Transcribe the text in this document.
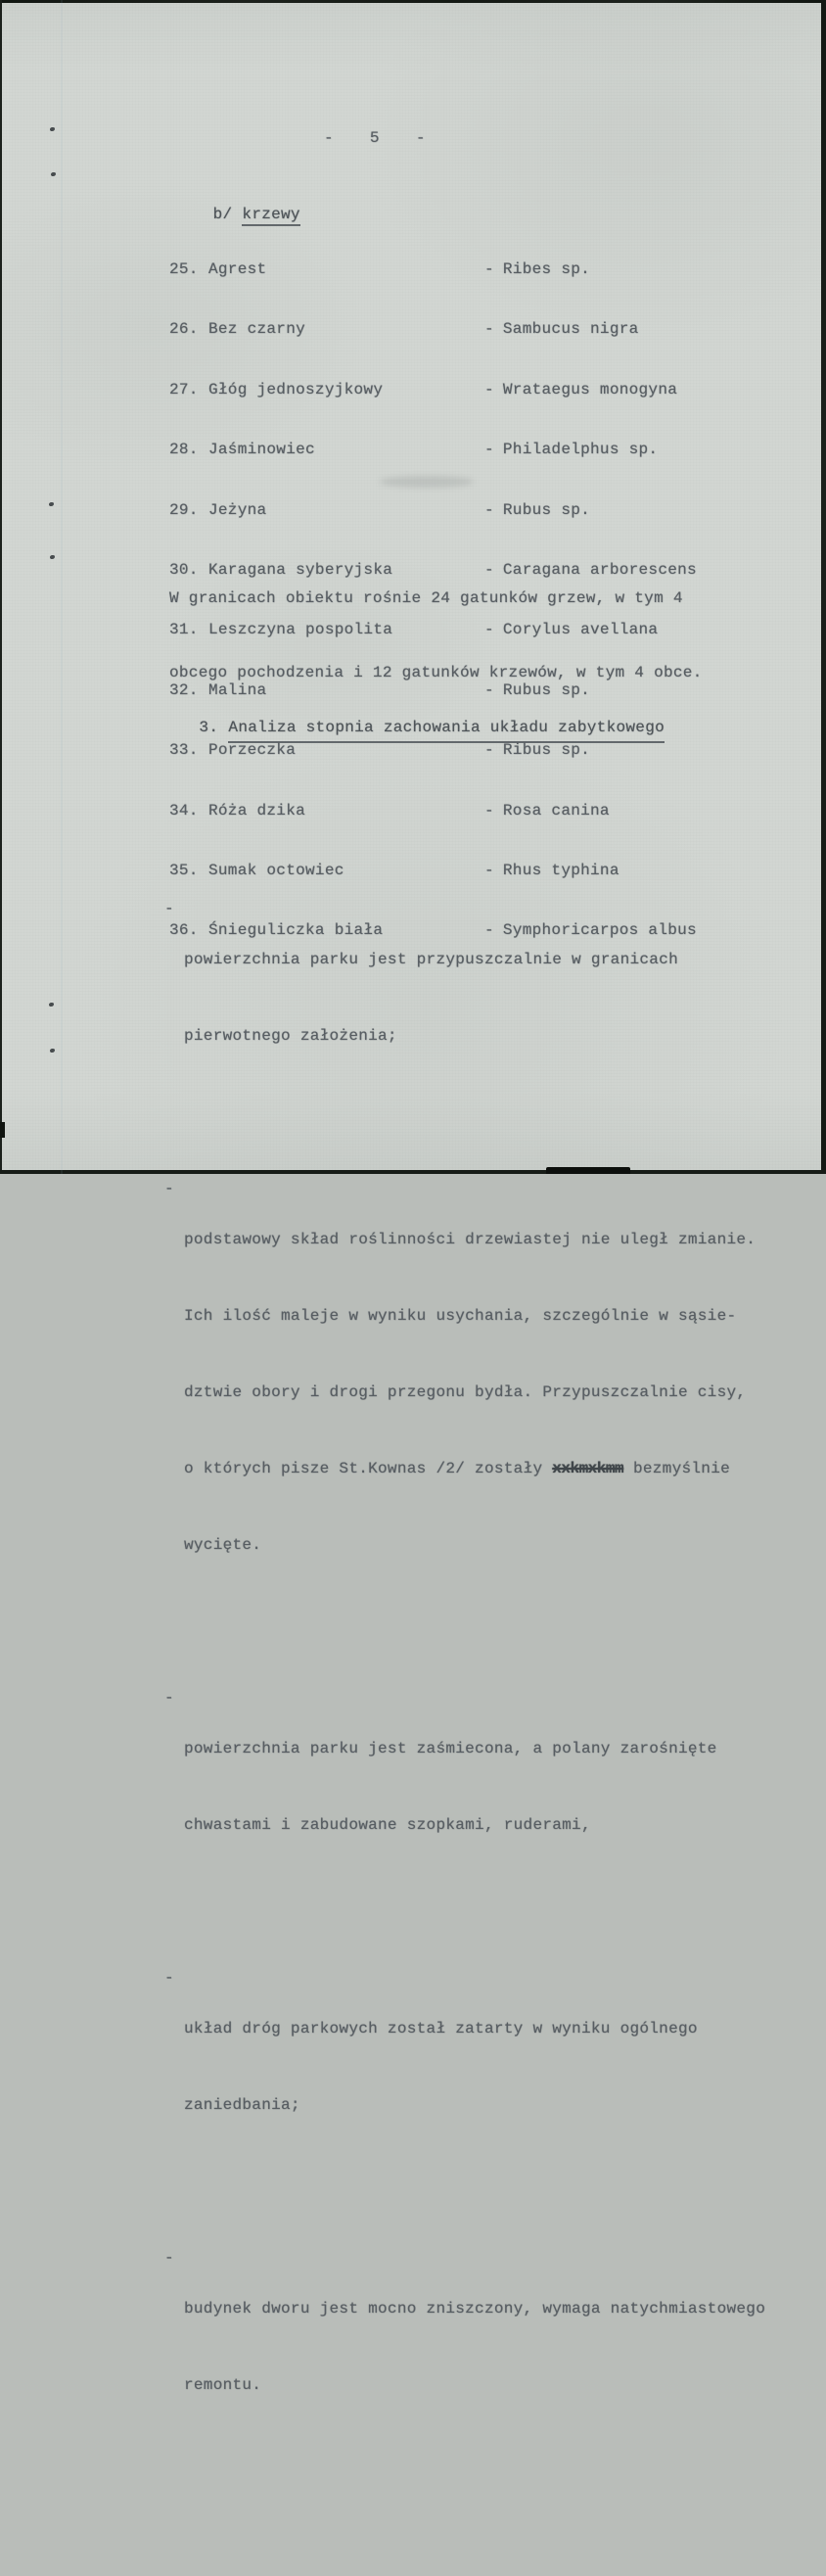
- 5 -

b/ krzewy

25. Agrest	- Ribes sp.

26. Bez czarny	- Sambucus nigra

27. Głóg jednoszyjkowy	- Wrataegus monogyna

28. Jaśminowiec	- Philadelphus sp.

29. Jeżyna	- Rubus sp.

30. Karagana syberyjska	- Caragana arborescens

31. Leszczyna pospolita	- Corylus avellana

32. Malina	- Rubus sp.

33. Porzeczka	- Ribus sp.

34. Róża dzika	- Rosa canina

35. Sumak octowiec	- Rhus typhina

36. Śnieguliczka biała	- Symphoricarpos albus

W granicach obiektu rośnie 24 gatunków grzew, w tym 4

obcego pochodzenia i 12 gatunków krzewów, w tym 4 obce.

3. Analiza stopnia zachowania układu zabytkowego

-

powierzchnia parku jest przypuszczalnie w granicach

pierwotnego założenia;

-

podstawowy skład roślinności drzewiastej nie uległ zmianie.

Ich ilość maleje w wyniku usychania, szczególnie w sąsie-

dztwie obory i drogi przegonu bydła. Przypuszczalnie cisy,

o których pisze St.Kownas /2/ zostały xxkmxkmm bezmyślnie

wycięte.

-

powierzchnia parku jest zaśmiecona, a polany zarośnięte

chwastami i zabudowane szopkami, ruderami,

-

układ dróg parkowych został zatarty w wyniku ogólnego

zaniedbania;

-

budynek dworu jest mocno zniszczony, wymaga natychmiastowego

remontu.
